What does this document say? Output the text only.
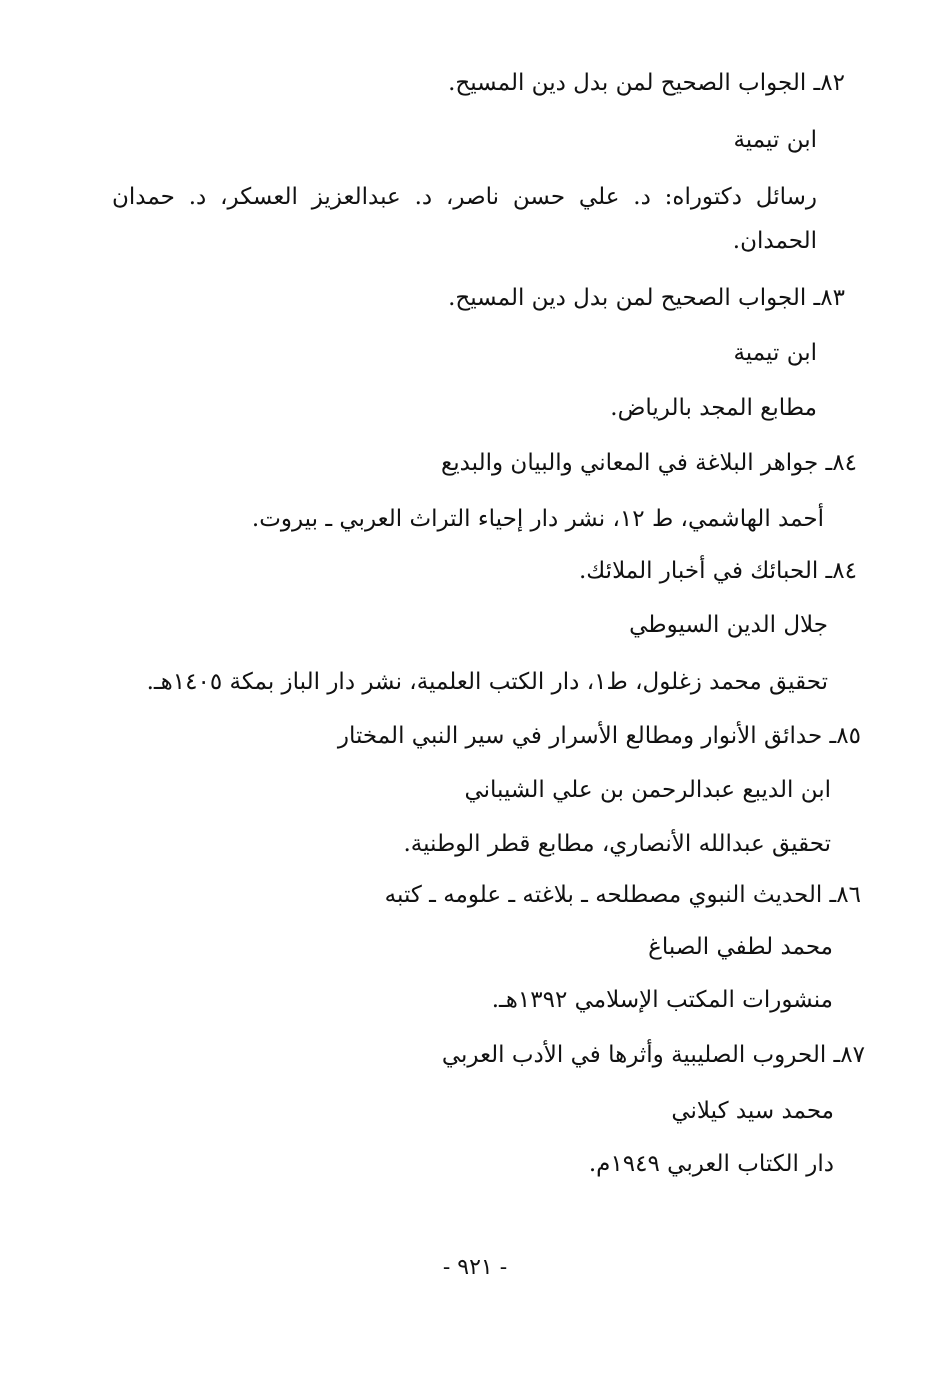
٨٢ـ الجواب الصحيح لمن بدل دين المسيح.
ابن تيمية
رسائل دكتوراه: د. علي حسن ناصر، د. عبدالعزيز العسكر، د. حمدان
الحمدان.
٨٣ـ الجواب الصحيح لمن بدل دين المسيح.
ابن تيمية
مطابع المجد بالرياض.
٨٤ـ جواهر البلاغة في المعاني والبيان والبديع
أحمد الهاشمي، ط ١٢، نشر دار إحياء التراث العربي ـ بيروت.
٨٤ـ الحبائك في أخبار الملائك.
جلال الدين السيوطي
تحقيق محمد زغلول، ط١، دار الكتب العلمية، نشر دار الباز بمكة ١٤٠٥هـ.
٨٥ـ حدائق الأنوار ومطالع الأسرار في سير النبي المختار
ابن الديبع عبدالرحمن بن علي الشيباني
تحقيق عبدالله الأنصاري، مطابع قطر الوطنية.
٨٦ـ الحديث النبوي مصطلحه ـ بلاغته ـ علومه ـ كتبه
محمد لطفي الصباغ
منشورات المكتب الإسلامي ١٣٩٢هـ.
٨٧ـ الحروب الصليبية وأثرها في الأدب العربي
محمد سيد كيلاني
دار الكتاب العربي ١٩٤٩م.
- ٩٢١ -
